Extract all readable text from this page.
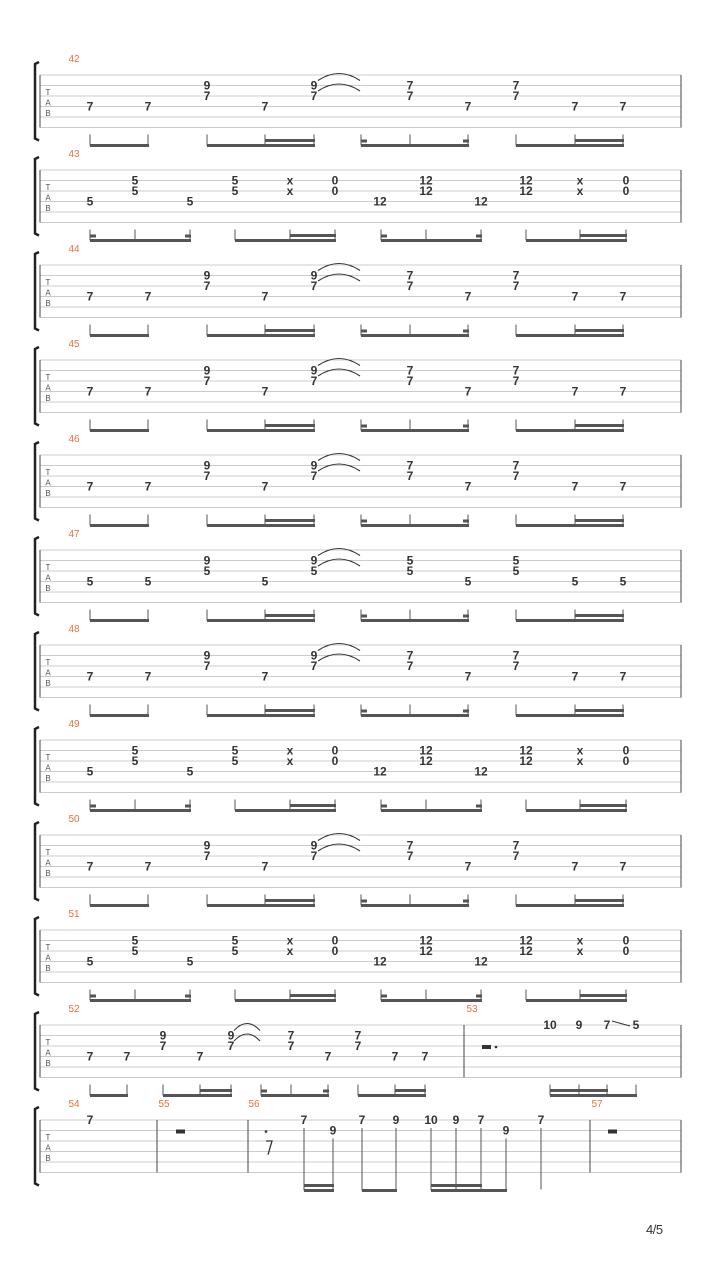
T
A
B
42
7	7
9
7
7
9
7
7
7
7
7
7
7	7
T
A
B
43
5
5
5
5
5
5
x
x
0
0
12
12
12
12
12
12
x
x
0
0
T
A
B
44
7	7
9
7
7
9
7
7
7
7
7
7
7	7
T
A
B
45
7	7
9
7
7
9
7
7
7
7
7
7
7	7
T
A
B
46
7	7
9
7
7
9
7
7
7
7
7
7
7	7
T
A
B
47
5	5
9
5
5
9
5
5
5
5
5
5
5	5
T
A
B
48
7	7
9
7
7
9
7
7
7
7
7
7
7	7
T
A
B
49
5
5
5
5
5
5
x
x
0
0
12
12
12
12
12
12
x
x
0
0
T
A
B
50
7	7
9
7
7
9
7
7
7
7
7
7
7	7
T
A
B
51
5
5
5
5
5
5
x
x
0
0
12
12
12
12
12
12
x
x
0
0
T
A
B
52
7	7
9
7
7
9
7
7
7
7
7
7
7 7
53
10 9 7 5
T
A
B
54
7
55	56
7
9
7 9 10 9 7
9
7
57
4/5
